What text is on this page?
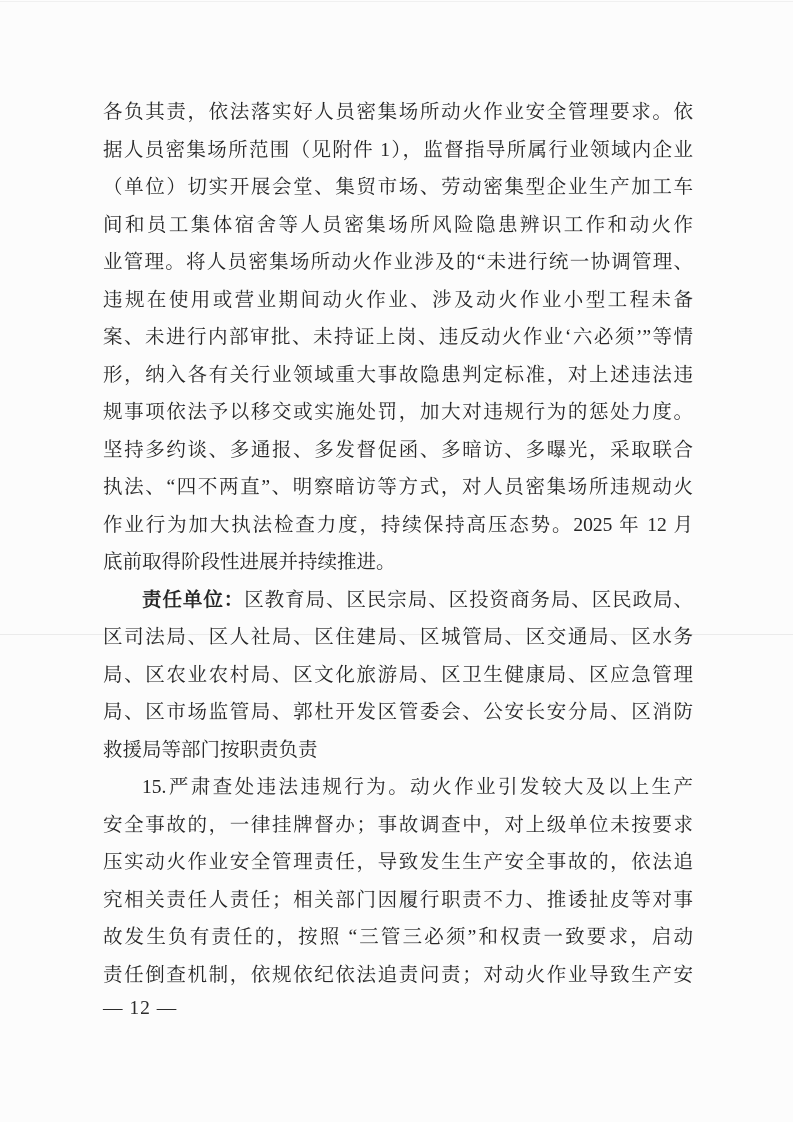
各负其责，依法落实好人员密集场所动火作业安全管理要求。依
据人员密集场所范围（见附件 1），监督指导所属行业领域内企业
（单位）切实开展会堂、集贸市场、劳动密集型企业生产加工车
间和员工集体宿舍等人员密集场所风险隐患辨识工作和动火作
业管理。将人员密集场所动火作业涉及的“未进行统一协调管理、
违规在使用或营业期间动火作业、涉及动火作业小型工程未备
案、未进行内部审批、未持证上岗、违反动火作业‘六必须’”等情
形，纳入各有关行业领域重大事故隐患判定标准，对上述违法违
规事项依法予以移交或实施处罚，加大对违规行为的惩处力度。
坚持多约谈、多通报、多发督促函、多暗访、多曝光，采取联合
执法、“四不两直”、明察暗访等方式，对人员密集场所违规动火
作业行为加大执法检查力度，持续保持高压态势。2025 年 12 月
底前取得阶段性进展并持续推进。
责任单位：区教育局、区民宗局、区投资商务局、区民政局、
区司法局、区人社局、区住建局、区城管局、区交通局、区水务
局、区农业农村局、区文化旅游局、区卫生健康局、区应急管理
局、区市场监管局、郭杜开发区管委会、公安长安分局、区消防
救援局等部门按职责负责
15.严肃查处违法违规行为。动火作业引发较大及以上生产
安全事故的，一律挂牌督办；事故调查中，对上级单位未按要求
压实动火作业安全管理责任，导致发生生产安全事故的，依法追
究相关责任人责任；相关部门因履行职责不力、推诿扯皮等对事
故发生负有责任的，按照 “三管三必须”和权责一致要求，启动
责任倒查机制，依规依纪依法追责问责；对动火作业导致生产安
— 12 —
